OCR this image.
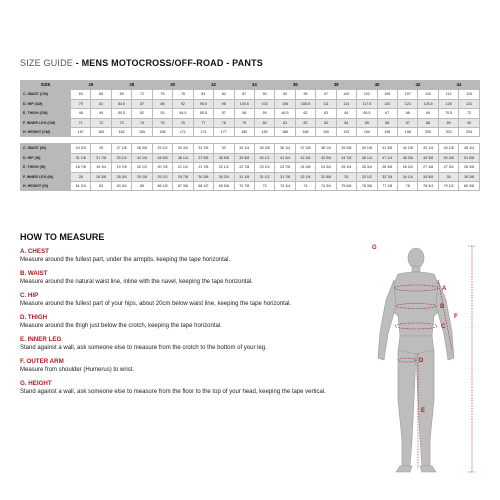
SIZE GUIDE - MENS MOTOCROSS/OFF-ROAD - PANTS
SIZE	26		28		30		32		34		36		38		40		42		44	
C. WAIST (CM)	63	66	69	72	75	78	81	84	87	90	92	95	97	100	102	105	107	110	112	115
D. HIP (CM)	79	81	84.5	87	88	92	95.5	98	100.5	103	106	108.5	111	114	117.5	120	123	125.5	128	131
E. THIGH (CM)	48	49	50.5	52	53	54.5	55.5	57	58	59	60.5	62	63	64	65.5	67	68	69	70.5	72
F. INNER LEG (CM)	71	72	73	74	75	76	77	78	79	80	81	82	83	84	85	86	87	88	89	90
H. HEIGHT (CM)	157	160	162	165	168	171	174	177	180	183	186	188	190	192	194	196	198	200	202	204

C. WAIST (IN)	24 3/4	26	27 1/8	28 3/8	29 1/2	30 3/4	31 7/8	33	34 1/4	35 3/8	36 1/4	37 3/8	38 1/4	39 3/8	40 1/8	41 3/8	42 1/8	43 1/4	44 1/8	45 1/4
D. HIP (IN)	31 1/8	31 7/8	33 1/4	34 1/4	34 5/8	36 1/4	37 5/8	38 5/8	39 5/8	40 1/2	41 3/4	42 3/4	43 3/4	44 7/8	46 1/4	47 1/4	48 3/8	49 3/8	50 3/8	51 5/8
E. THIGH (IN)	18 7/8	19 1/4	19 7/8	20 1/2	20 7/8	21 1/2	21 7/8	22 1/2	22 7/8	23 1/4	23 7/8	24 3/8	24 3/4	25 1/4	25 3/4	26 3/8	26 3/4	27 1/8	27 3/4	28 3/8
F. INNER LEG (IN)	28	28 3/8	28 3/4	29 1/8	29 1/2	29 7/8	30 3/8	30 3/4	31 1/8	31 1/2	31 7/8	32 1/4	32 5/8	33	33 1/2	33 7/8	34 1/4	34 5/8	35	35 3/8
H. HEIGHT (IN)	61 3/4	63	63 3/4	65	66 1/8	67 3/8	68 1/2	69 5/8	70 7/8	72	73 1/4	74	74 3/4	75 5/8	76 3/8	77 1/8	78	78 3/4	79 1/2	80 3/8
HOW TO MEASURE
A. CHEST
Measure around the fullest part, under the armpits, keeping the tape horizontal.
B. WAIST
Measure around the natural waist line, inline with the navel, keeping the tape horizontal.
C. HIP
Measure around the fullest part of your hips, about 20cm below waist line, keeping the tape horizontal.
D. THIGH
Measure around the thigh just below the crotch, keeping the tape horizontal.
E. INNER LEG
Stand against a wall, ask someone else to measure from the crotch to the bottom of your leg.
F. OUTER ARM
Measure from shoulder (Humerus) to wrist.
G. HEIGHT
Stand against a wall, ask someone else to measure from the floor to the top of your head, keeping the tape vertical.
A
B
C
D
E
F
G
